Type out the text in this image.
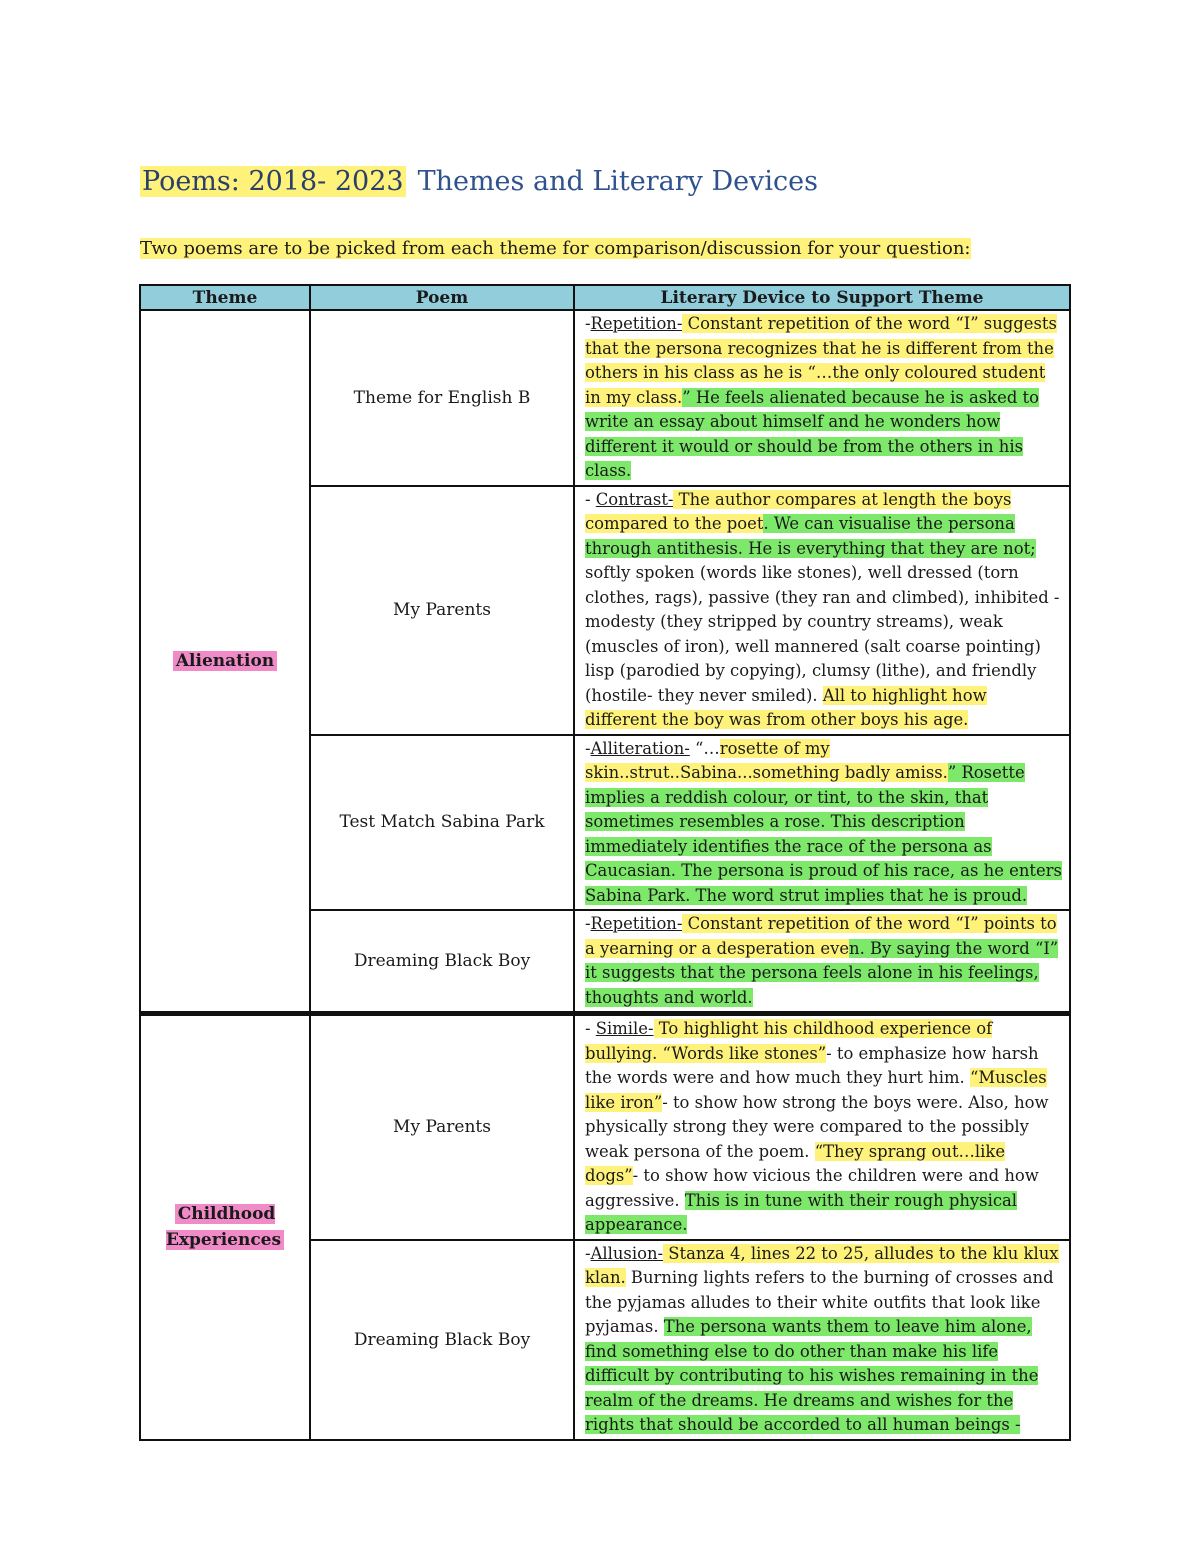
Poems: 2018- 2023 Themes and Literary Devices
Two poems are to be picked from each theme for comparison/discussion for your question:
Theme	Poem	Literary Device to Support Theme
Alienation	Theme for English B	-Repetition- Constant repetition of the word “I” suggests that the persona recognizes that he is different from the others in his class as he is “…the only coloured student in my class.” He feels alienated because he is asked to write an essay about himself and he wonders how different it would or should be from the others in his class.
	My Parents	- Contrast- The author compares at length the boys compared to the poet. We can visualise the persona through antithesis. He is everything that they are not; softly spoken (words like stones), well dressed (torn clothes, rags), passive (they ran and climbed), inhibited - modesty (they stripped by country streams), weak (muscles of iron), well mannered (salt coarse pointing) lisp (parodied by copying), clumsy (lithe), and friendly (hostile- they never smiled). All to highlight how different the boy was from other boys his age.
	Test Match Sabina Park	-Alliteration- “…rosette of my skin..strut..Sabina...something badly amiss.” Rosette implies a reddish colour, or tint, to the skin, that sometimes resembles a rose. This description immediately identifies the race of the persona as Caucasian. The persona is proud of his race, as he enters Sabina Park. The word strut implies that he is proud.
	Dreaming Black Boy	-Repetition- Constant repetition of the word “I” points to a yearning or a desperation even. By saying the word “I” it suggests that the persona feels alone in his feelings, thoughts and world.
Childhood Experiences	My Parents	- Simile- To highlight his childhood experience of bullying. “Words like stones”- to emphasize how harsh the words were and how much they hurt him. “Muscles like iron”- to show how strong the boys were. Also, how physically strong they were compared to the possibly weak persona of the poem. “They sprang out…like dogs”- to show how vicious the children were and how aggressive. This is in tune with their rough physical appearance.
	Dreaming Black Boy	-Allusion- Stanza 4, lines 22 to 25, alludes to the klu klux klan. Burning lights refers to the burning of crosses and the pyjamas alludes to their white outfits that look like pyjamas. The persona wants them to leave him alone, find something else to do other than make his life difficult by contributing to his wishes remaining in the realm of the dreams. He dreams and wishes for the rights that should be accorded to all human beings -
